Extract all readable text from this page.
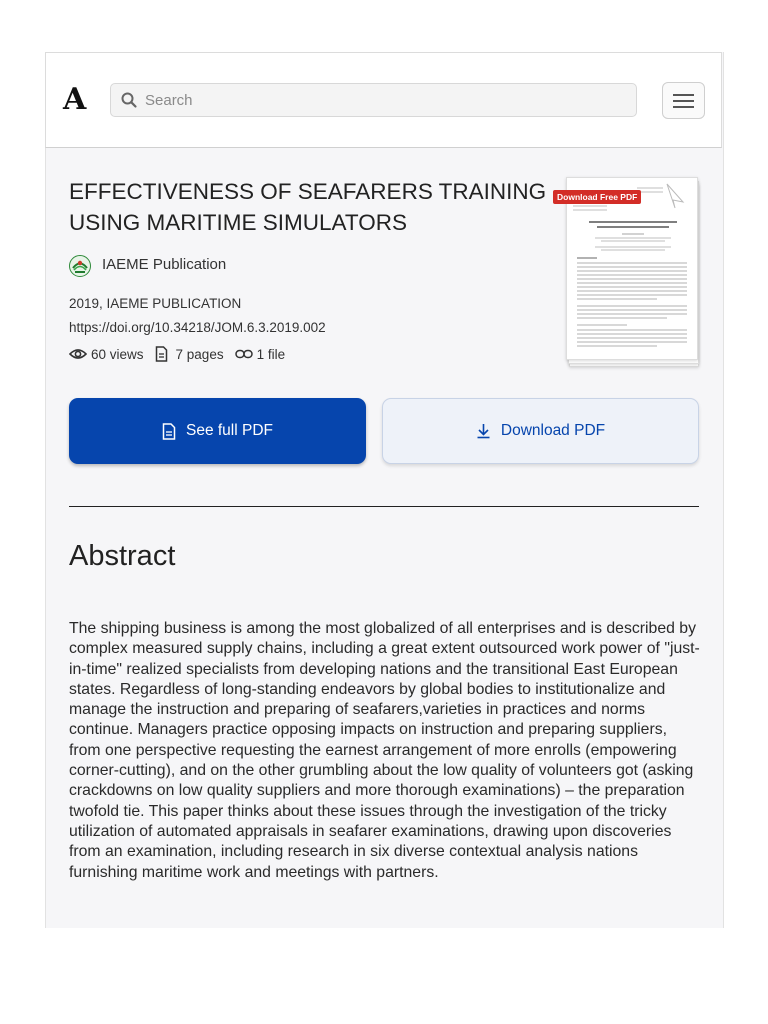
A
Search
EFFECTIVENESS OF SEAFARERS TRAINING USING MARITIME SIMULATORS
IAEME Publication
2019, IAEME PUBLICATION
https://doi.org/10.34218/JOM.6.3.2019.002
60 views 7 pages 1 file
Download Free PDF
See full PDF	Download PDF
Abstract

The shipping business is among the most globalized of all enterprises and is described by complex measured supply chains, including a great extent outsourced work power of "just-in-time" realized specialists from developing nations and the transitional East European states. Regardless of long-standing endeavors by global bodies to institutionalize and manage the instruction and preparing of seafarers,varieties in practices and norms continue. Managers practice opposing impacts on instruction and preparing suppliers, from one perspective requesting the earnest arrangement of more enrolls (empowering corner-cutting), and on the other grumbling about the low quality of volunteers got (asking crackdowns on low quality suppliers and more thorough examinations) – the preparation twofold tie. This paper thinks about these issues through the investigation of the tricky utilization of automated appraisals in seafarer examinations, drawing upon discoveries from an examination, including research in six diverse contextual analysis nations furnishing maritime work and meetings with partners.
